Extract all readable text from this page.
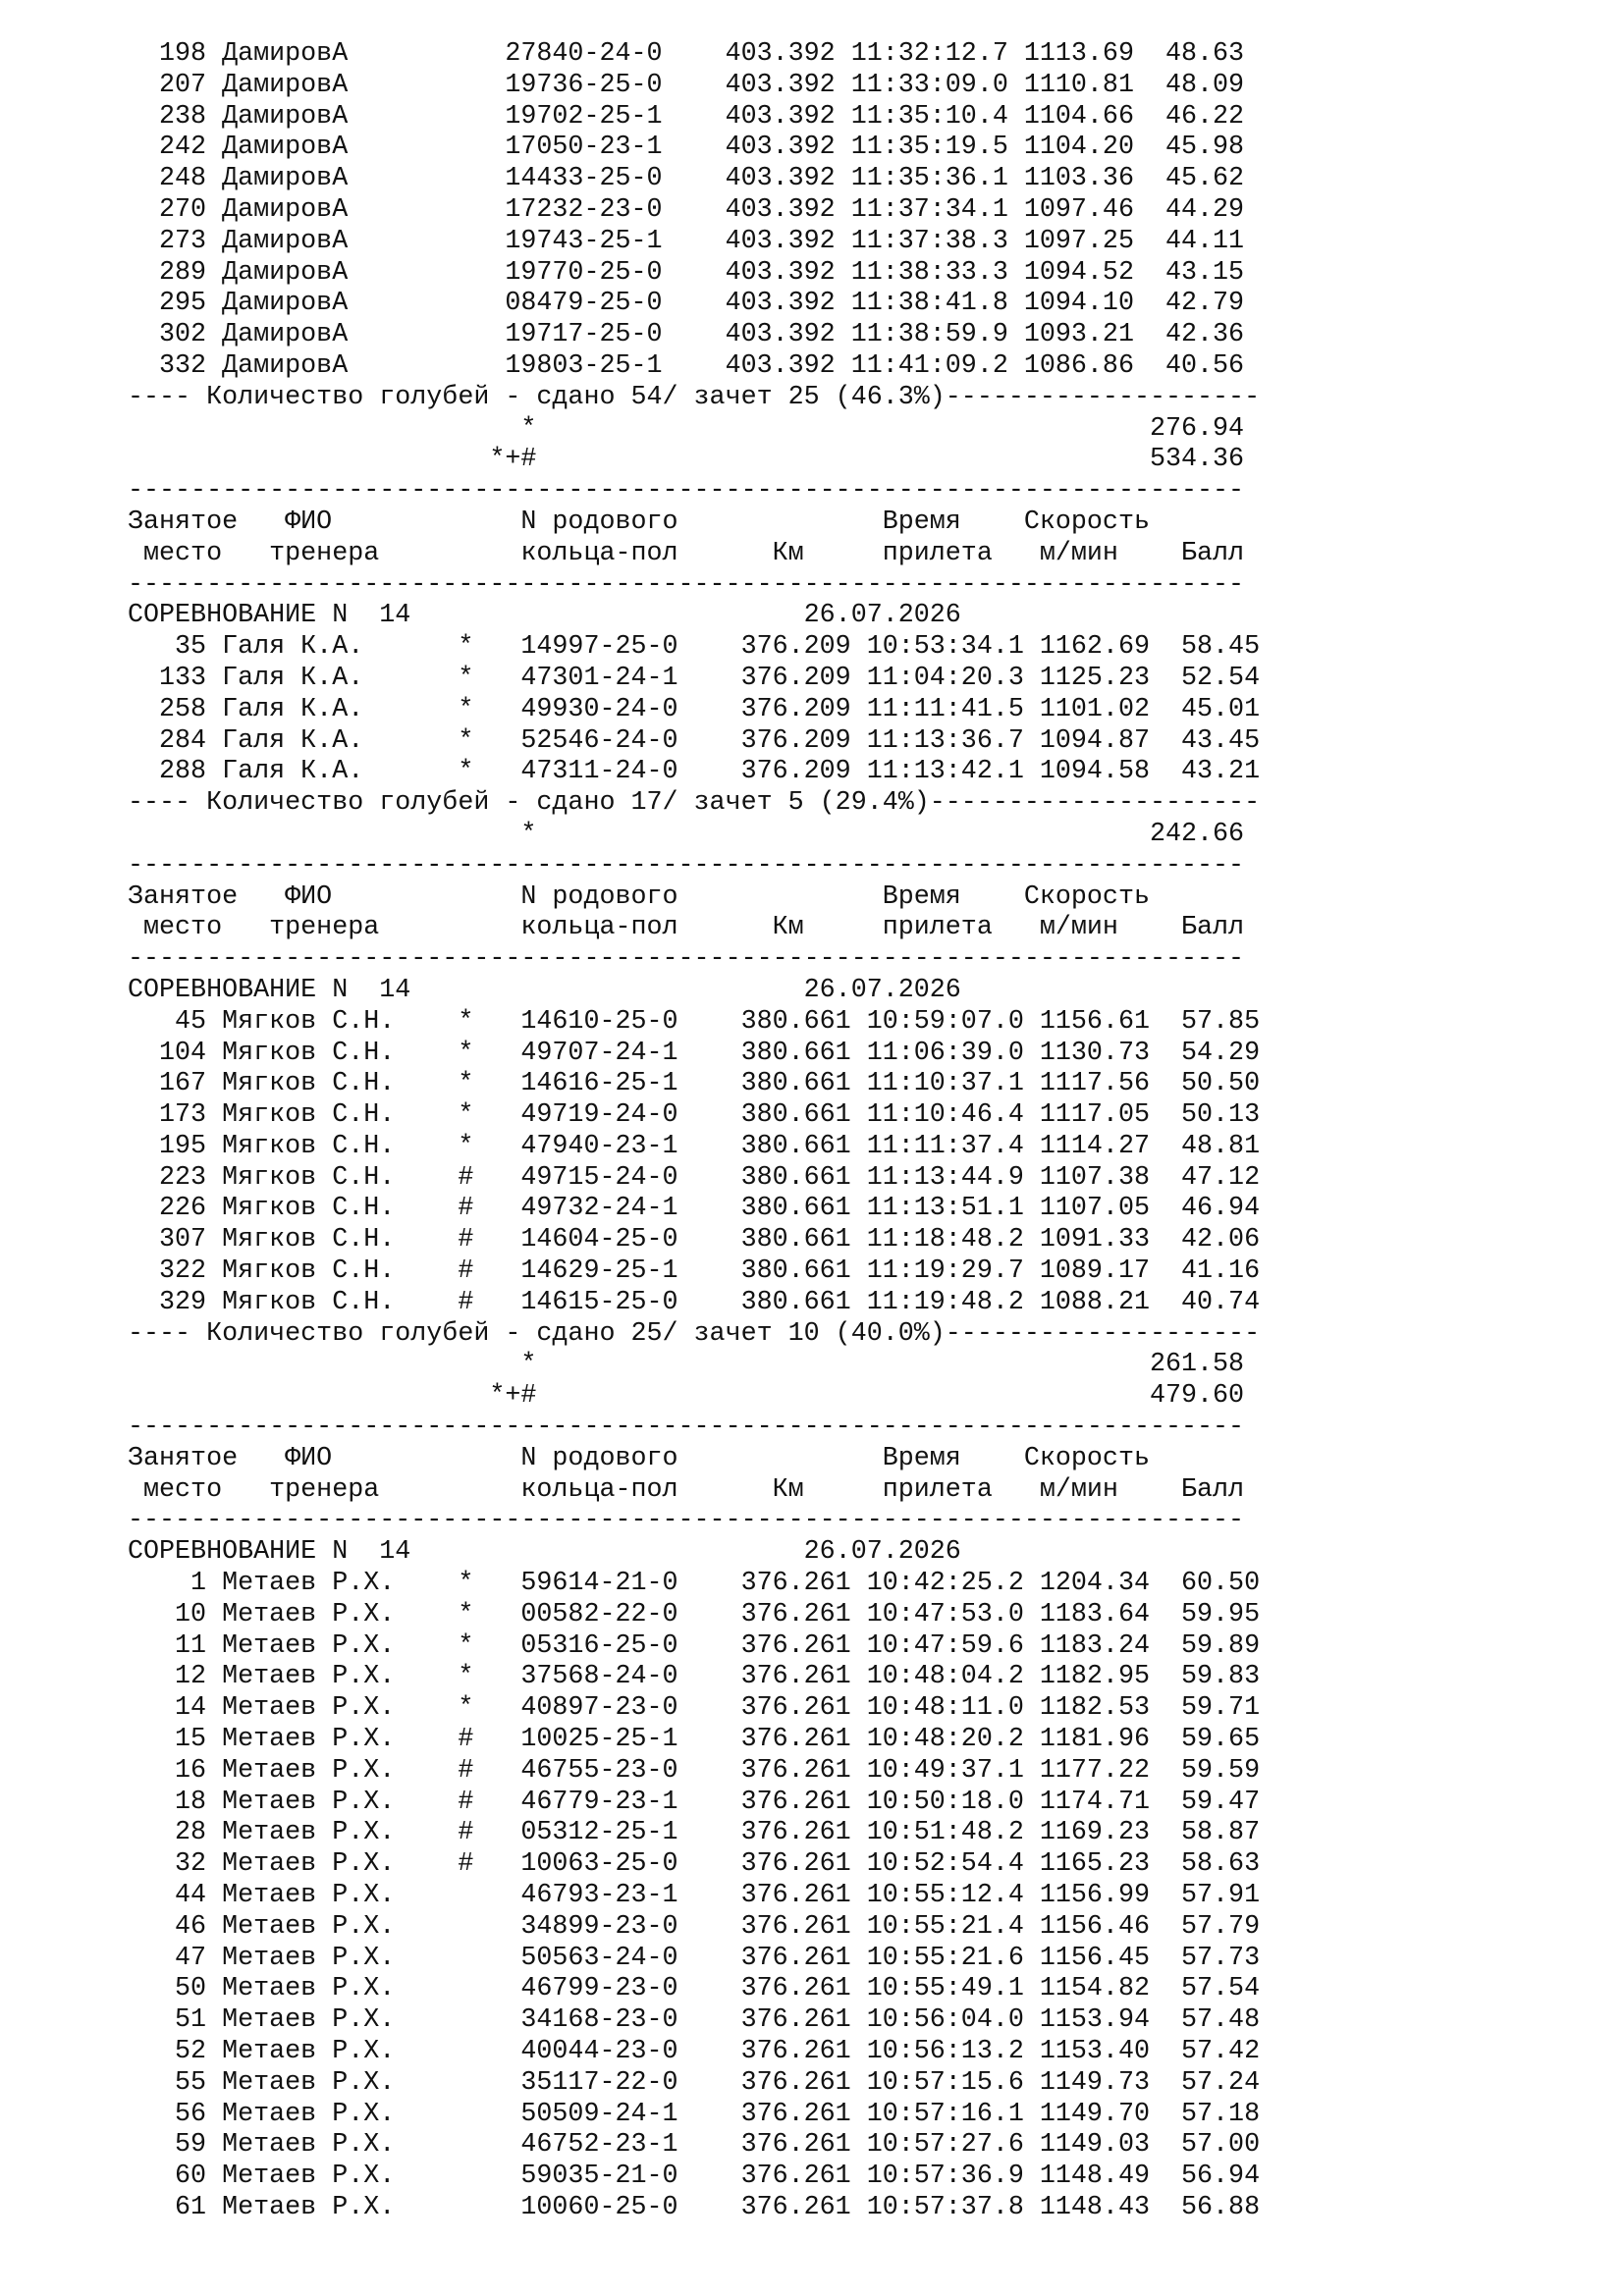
198 ДамировА          27840-24-0    403.392 11:32:12.7 1113.69  48.63
207 ДамировА          19736-25-0    403.392 11:33:09.0 1110.81  48.09
238 ДамировА          19702-25-1    403.392 11:35:10.4 1104.66  46.22
242 ДамировА          17050-23-1    403.392 11:35:19.5 1104.20  45.98
248 ДамировА          14433-25-0    403.392 11:35:36.1 1103.36  45.62
270 ДамировА          17232-23-0    403.392 11:37:34.1 1097.46  44.29
273 ДамировА          19743-25-1    403.392 11:37:38.3 1097.25  44.11
289 ДамировА          19770-25-0    403.392 11:38:33.3 1094.52  43.15
295 ДамировА          08479-25-0    403.392 11:38:41.8 1094.10  42.79
302 ДамировА          19717-25-0    403.392 11:38:59.9 1093.21  42.36
332 ДамировА          19803-25-1    403.392 11:41:09.2 1086.86  40.56
---- Количество голубей - сдано 54/ зачет 25 (46.3%)--------------------
*                                       276.94
*+#                                       534.36
-----------------------------------------------------------------------
Занятое   ФИО            N родового             Время    Скорость
место   тренера         кольца-пол      Км     прилета   м/мин    Балл
-----------------------------------------------------------------------
СОРЕВНОВАНИЕ N  14                         26.07.2026
35 Галя К.А.      *   14997-25-0    376.209 10:53:34.1 1162.69  58.45
133 Галя К.А.      *   47301-24-1    376.209 11:04:20.3 1125.23  52.54
258 Галя К.А.      *   49930-24-0    376.209 11:11:41.5 1101.02  45.01
284 Галя К.А.      *   52546-24-0    376.209 11:13:36.7 1094.87  43.45
288 Галя К.А.      *   47311-24-0    376.209 11:13:42.1 1094.58  43.21
---- Количество голубей - сдано 17/ зачет 5 (29.4%)---------------------
*                                       242.66
-----------------------------------------------------------------------
Занятое   ФИО            N родового             Время    Скорость
место   тренера         кольца-пол      Км     прилета   м/мин    Балл
-----------------------------------------------------------------------
СОРЕВНОВАНИЕ N  14                         26.07.2026
45 Мягков С.Н.    *   14610-25-0    380.661 10:59:07.0 1156.61  57.85
104 Мягков С.Н.    *   49707-24-1    380.661 11:06:39.0 1130.73  54.29
167 Мягков С.Н.    *   14616-25-1    380.661 11:10:37.1 1117.56  50.50
173 Мягков С.Н.    *   49719-24-0    380.661 11:10:46.4 1117.05  50.13
195 Мягков С.Н.    *   47940-23-1    380.661 11:11:37.4 1114.27  48.81
223 Мягков С.Н.    #   49715-24-0    380.661 11:13:44.9 1107.38  47.12
226 Мягков С.Н.    #   49732-24-1    380.661 11:13:51.1 1107.05  46.94
307 Мягков С.Н.    #   14604-25-0    380.661 11:18:48.2 1091.33  42.06
322 Мягков С.Н.    #   14629-25-1    380.661 11:19:29.7 1089.17  41.16
329 Мягков С.Н.    #   14615-25-0    380.661 11:19:48.2 1088.21  40.74
---- Количество голубей - сдано 25/ зачет 10 (40.0%)--------------------
*                                       261.58
*+#                                       479.60
-----------------------------------------------------------------------
Занятое   ФИО            N родового             Время    Скорость
место   тренера         кольца-пол      Км     прилета   м/мин    Балл
-----------------------------------------------------------------------
СОРЕВНОВАНИЕ N  14                         26.07.2026
1 Метаев Р.Х.    *   59614-21-0    376.261 10:42:25.2 1204.34  60.50
10 Метаев Р.Х.    *   00582-22-0    376.261 10:47:53.0 1183.64  59.95
11 Метаев Р.Х.    *   05316-25-0    376.261 10:47:59.6 1183.24  59.89
12 Метаев Р.Х.    *   37568-24-0    376.261 10:48:04.2 1182.95  59.83
14 Метаев Р.Х.    *   40897-23-0    376.261 10:48:11.0 1182.53  59.71
15 Метаев Р.Х.    #   10025-25-1    376.261 10:48:20.2 1181.96  59.65
16 Метаев Р.Х.    #   46755-23-0    376.261 10:49:37.1 1177.22  59.59
18 Метаев Р.Х.    #   46779-23-1    376.261 10:50:18.0 1174.71  59.47
28 Метаев Р.Х.    #   05312-25-1    376.261 10:51:48.2 1169.23  58.87
32 Метаев Р.Х.    #   10063-25-0    376.261 10:52:54.4 1165.23  58.63
44 Метаев Р.Х.        46793-23-1    376.261 10:55:12.4 1156.99  57.91
46 Метаев Р.Х.        34899-23-0    376.261 10:55:21.4 1156.46  57.79
47 Метаев Р.Х.        50563-24-0    376.261 10:55:21.6 1156.45  57.73
50 Метаев Р.Х.        46799-23-0    376.261 10:55:49.1 1154.82  57.54
51 Метаев Р.Х.        34168-23-0    376.261 10:56:04.0 1153.94  57.48
52 Метаев Р.Х.        40044-23-0    376.261 10:56:13.2 1153.40  57.42
55 Метаев Р.Х.        35117-22-0    376.261 10:57:15.6 1149.73  57.24
56 Метаев Р.Х.        50509-24-1    376.261 10:57:16.1 1149.70  57.18
59 Метаев Р.Х.        46752-23-1    376.261 10:57:27.6 1149.03  57.00
60 Метаев Р.Х.        59035-21-0    376.261 10:57:36.9 1148.49  56.94
61 Метаев Р.Х.        10060-25-0    376.261 10:57:37.8 1148.43  56.88
